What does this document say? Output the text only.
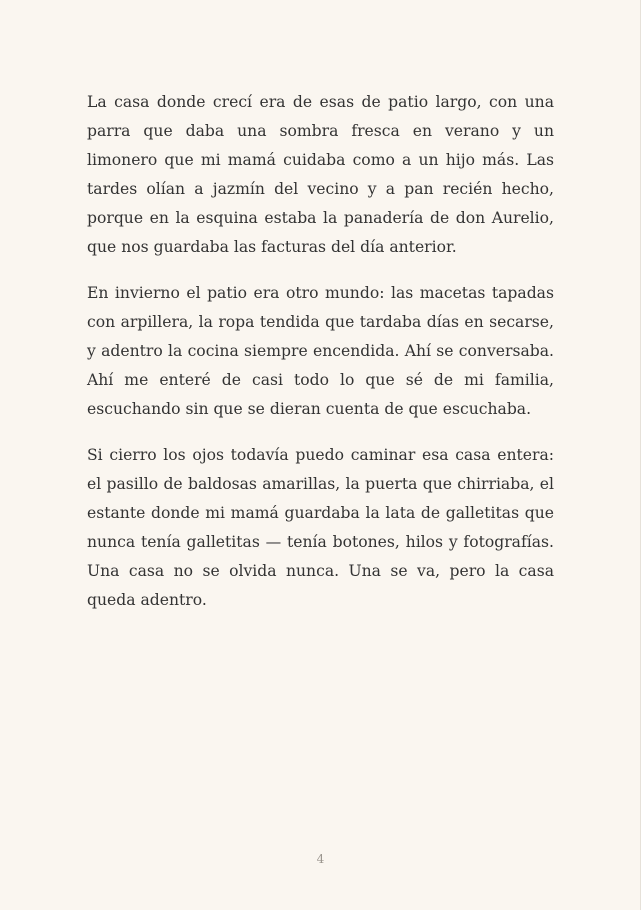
La casa donde crecí era de esas de patio largo, con una parra que daba una sombra fresca en verano y un limonero que mi mamá cuidaba como a un hijo más. Las tardes olían a jazmín del vecino y a pan recién hecho, porque en la esquina estaba la panadería de don Aurelio, que nos guardaba las facturas del día anterior.

En invierno el patio era otro mundo: las macetas tapadas con arpillera, la ropa tendida que tardaba días en secarse, y adentro la cocina siempre encendida. Ahí se conversaba. Ahí me enteré de casi todo lo que sé de mi familia, escuchando sin que se dieran cuenta de que escuchaba.

Si cierro los ojos todavía puedo caminar esa casa entera: el pasillo de baldosas amarillas, la puerta que chirriaba, el estante donde mi mamá guardaba la lata de galletitas que nunca tenía galletitas — tenía botones, hilos y fotografías. Una casa no se olvida nunca. Una se va, pero la casa queda adentro.

4
